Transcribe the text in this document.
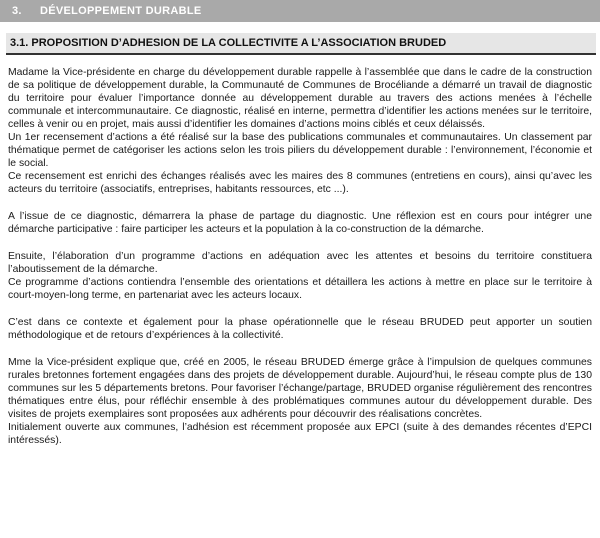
3.	DÉVELOPPEMENT DURABLE
3.1. PROPOSITION D’ADHESION DE LA COLLECTIVITE A L’ASSOCIATION BRUDED

Madame la Vice-présidente en charge du développement durable rappelle à l’assemblée que dans le cadre de la construction de sa politique de développement durable, la Communauté de Communes de Brocéliande a démarré un travail de diagnostic du territoire pour évaluer l’importance donnée au développement durable au travers des actions menées à l’échelle communale et intercommunautaire. Ce diagnostic, réalisé en interne, permettra d’identifier les actions menées sur le territoire, celles à venir ou en projet, mais aussi d’identifier les domaines d’actions moins ciblés et ceux délaissés.

Un 1er recensement d’actions a été réalisé sur la base des publications communales et communautaires. Un classement par thématique permet de catégoriser les actions selon les trois piliers du développement durable : l’environnement, l’économie et le social.

Ce recensement est enrichi des échanges réalisés avec les maires des 8 communes (entretiens en cours), ainsi qu’avec les acteurs du territoire (associatifs, entreprises, habitants ressources, etc ...).

A l’issue de ce diagnostic, démarrera la phase de partage du diagnostic. Une réflexion est en cours pour intégrer une démarche participative : faire participer les acteurs et la population à la co-construction de la démarche.

Ensuite, l’élaboration d’un programme d’actions en adéquation avec les attentes et besoins du territoire constituera l’aboutissement de la démarche.

Ce programme d’actions contiendra l’ensemble des orientations et détaillera les actions à mettre en place sur le territoire à court-moyen-long terme, en partenariat avec les acteurs locaux.

C’est dans ce contexte et également pour la phase opérationnelle que le réseau BRUDED peut apporter un soutien méthodologique et de retours d’expériences à la collectivité.

Mme la Vice-président explique que, créé en 2005, le réseau BRUDED émerge grâce à l’impulsion de quelques communes rurales bretonnes fortement engagées dans des projets de développement durable. Aujourd’hui, le réseau compte plus de 130 communes sur les 5 départements bretons. Pour favoriser l’échange/partage, BRUDED organise régulièrement des rencontres thématiques entre élus, pour réfléchir ensemble à des problématiques communes autour du développement durable. Des visites de projets exemplaires sont proposées aux adhérents pour découvrir des réalisations concrètes.

Initialement ouverte aux communes, l’adhésion est récemment proposée aux EPCI (suite à des demandes récentes d’EPCI intéressés).
